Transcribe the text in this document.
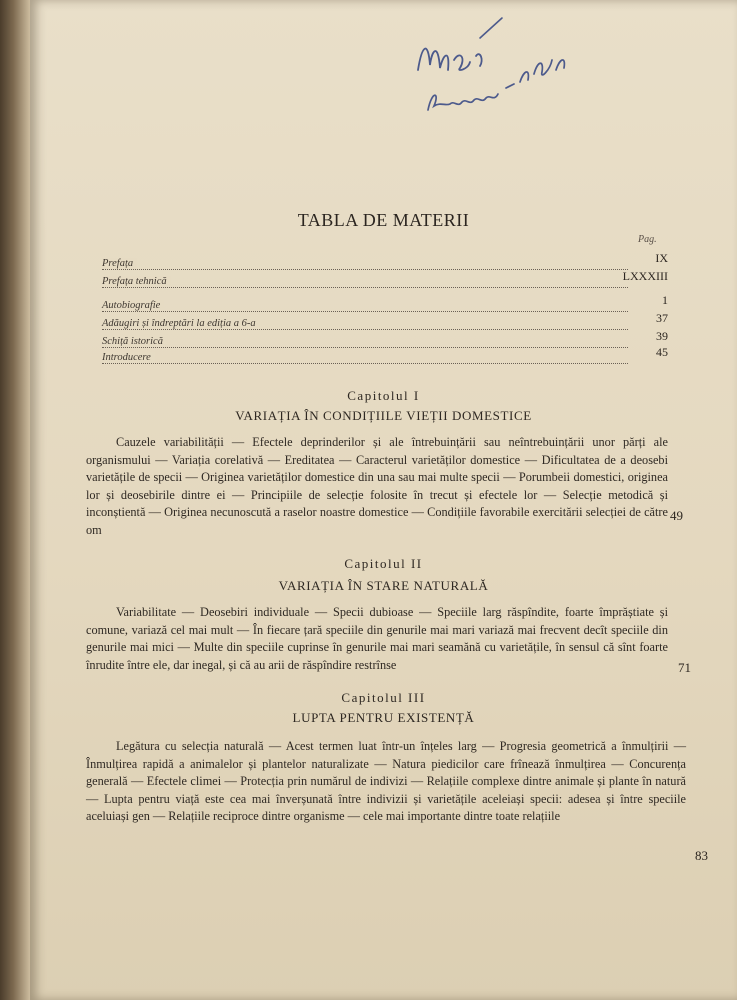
TABLA DE MATERII
Pag.
Prefața	IX
Prefața tehnică	LXXXIII
Autobiografie	1
Adăugiri și îndreptări la ediția a 6-a	37
Schiță istorică	39
Introducere	45
Capitolul I
VARIAȚIA ÎN CONDIȚIILE VIEȚII DOMESTICE
Cauzele variabilității — Efectele deprinderilor și ale întrebuințării sau neîntrebuințării unor părți ale organismului — Variația corelativă — Ereditatea — Caracterul varietăților domestice — Dificultatea de a deosebi varietățile de specii — Originea varietăților domestice din una sau mai multe specii — Porumbeii domestici, originea lor și deosebirile dintre ei — Principiile de selecție folosite în trecut și efectele lor — Selecție metodică și inconștientă — Originea necunoscută a raselor noastre domestice — Condițiile favorabile exercitării selecției de către om
49
Capitolul II
VARIAȚIA ÎN STARE NATURALĂ
Variabilitate — Deosebiri individuale — Specii dubioase — Speciile larg răspîndite, foarte împrăștiate și comune, variază cel mai mult — În fiecare țară speciile din genurile mai mari variază mai frecvent decît speciile din genurile mai mici — Multe din speciile cuprinse în genurile mai mari seamănă cu varietățile, în sensul că sînt foarte înrudite între ele, dar inegal, și că au arii de răspîndire restrînse	71
Capitolul III
LUPTA PENTRU EXISTENȚĂ
Legătura cu selecția naturală — Acest termen luat într-un înțeles larg — Progresia geometrică a înmulțirii — Înmulțirea rapidă a animalelor și plantelor naturalizate — Natura piedicilor care frînează înmulțirea — Concurența generală — Efectele climei — Protecția prin numărul de indivizi — Relațiile complexe dintre animale și plante în natură — Lupta pentru viață este cea mai înverșunată între indivizii și varietățile aceleiași specii: adesea și între speciile aceluiași gen — Relațiile reciproce dintre organisme — cele mai importante dintre toate relațiile
83
